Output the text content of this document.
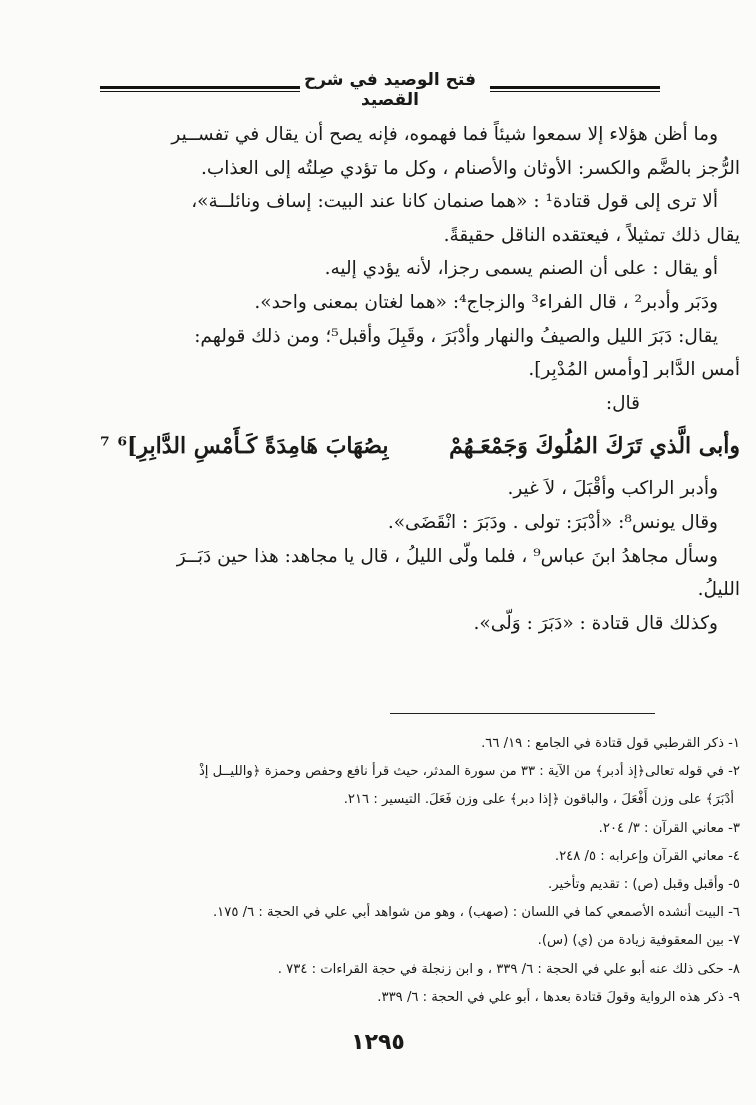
فتح الوصيد في شرح القصيد
وما أظن هؤلاء إلا سمعوا شيئاً فما فهموه، فإنه يصح أن يقال في تفســير
الرُّجز بالضَّم والكسر: الأوثان والأصنام ، وكل ما تؤدي صِلتُه إلى العذاب.
ألا ترى إلى قول قتادة¹ : «هما صنمان كانا عند البيت: إساف ونائلــة»،
يقال ذلك تمثيلاً ، فيعتقده الناقل حقيقةً.
أو يقال : على أن الصنم يسمى رجزا، لأنه يؤدي إليه.
ودَبَر وأدبر² ، قال الفراء³ والزجاج⁴: «هما لغتان بمعنى واحد».
يقال: دَبَرَ الليل والصيفُ والنهار وأدْبَرَ ، وقَبِلَ وأقبل⁵؛ ومن ذلك قولهم:
أمس الدَّابر [وأمس المُدْبِر].
قال:
وأبى الَّذي تَرَكَ المُلُوكَ وَجَمْعَـهُمْ
بِصُهَابَ هَامِدَةً كَـأَمْسِ الدَّابِرِ]⁶ ⁷
وأدبر الراكب وأقْبَلَ ، لاَ غير.
وقال يونس⁸: «أدْبَرَ: تولى . ودَبَرَ : انْقَضَى».
وسأل مجاهدُ ابنَ عباس⁹ ، فلما ولّى الليلُ ، قال يا مجاهد: هذا حين دَبَــرَ
الليلُ.
وكذلك قال قتادة : «دَبَرَ : وَلّى».
١- ذكر القرطبي قول قتادة في الجامع : ١٩/ ٦٦.
٢- في قوله تعالى﴿إذ أدبر﴾ من الآية : ٣٣ من سورة المدثر، حيث قرأ نافع وحفص وحمزة ﴿والليــل إذْ
أدْبَرَ﴾ على وزن أَفْعَلَ ، والباقون ﴿إذا دبر﴾ على وزن فَعَلَ. التيسير : ٢١٦.
٣- معاني القرآن : ٣/ ٢٠٤.
٤- معاني القرآن وإعرابه : ٥/ ٢٤٨.
٥- وأقبل وقبل (ص) : تقديم وتأخير.
٦- البيت أنشده الأصمعي كما في اللسان : (صهب) ، وهو من شواهد أبي علي في الحجة : ٦/ ١٧٥.
٧- بين المعقوفية زيادة من (ي) (س).
٨- حكى ذلك عنه أبو علي في الحجة : ٦/ ٣٣٩ ، و ابن زنجلة في حجة القراءات : ٧٣٤ .
٩- ذكر هذه الرواية وقولَ قتادة بعدها ، أبو علي في الحجة : ٦/ ٣٣٩.
١٢٩٥
